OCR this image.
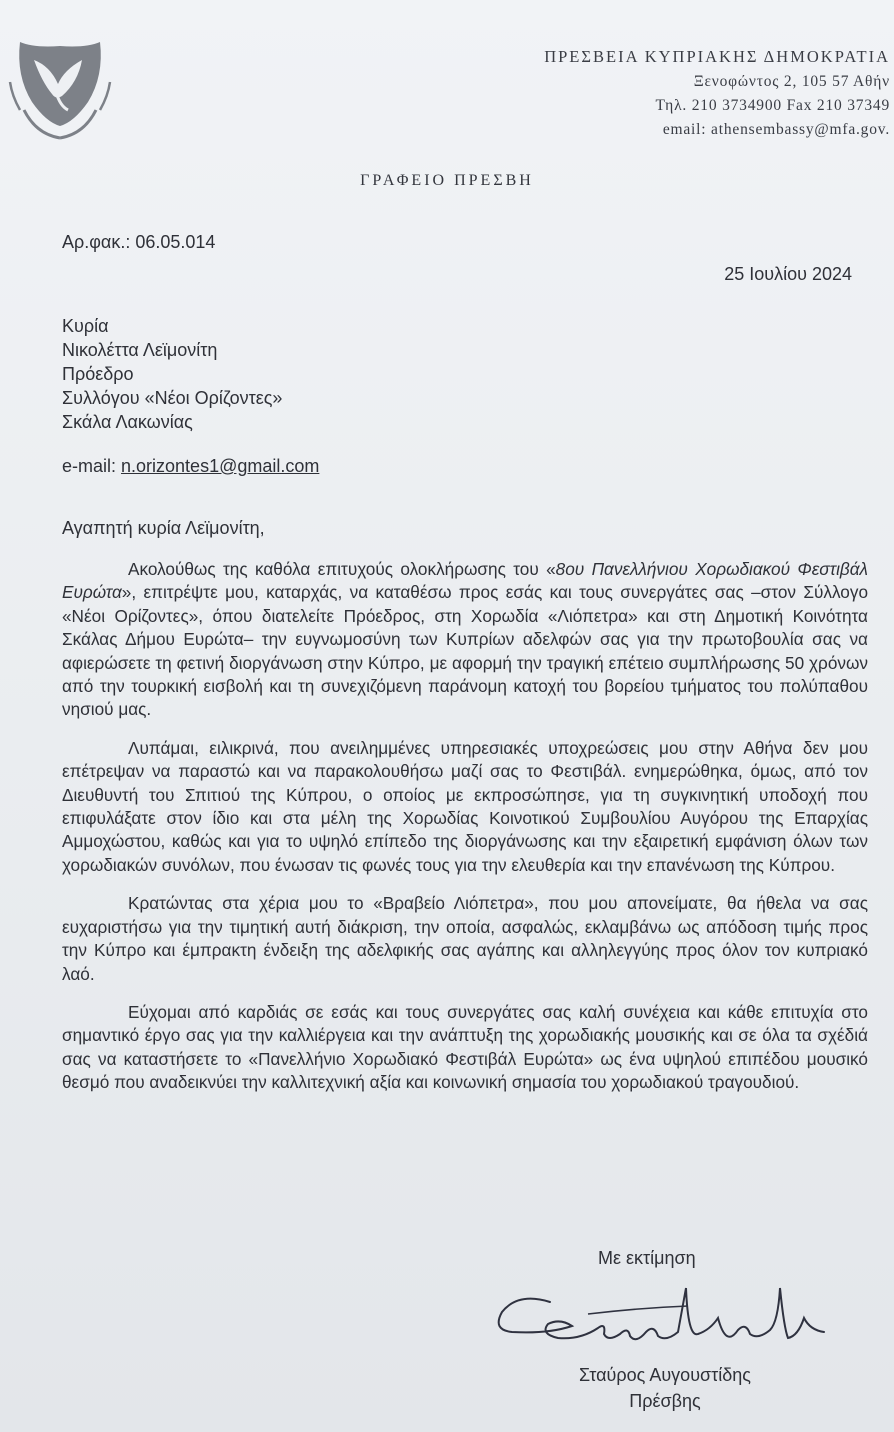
ΠΡΕΣΒΕΙΑ ΚΥΠΡΙΑΚΗΣ ΔΗΜΟΚΡΑΤΙΑ
Ξενοφώντος 2, 105 57 Αθήν
Τηλ. 210 3734900 Fax 210 37349
email: athensembassy@mfa.gov.
ΓΡΑΦΕΙΟ ΠΡΕΣΒΗ
Αρ.φακ.: 06.05.014
25 Ιουλίου 2024
Κυρία
Νικολέττα Λεϊμονίτη
Πρόεδρο
Συλλόγου «Νέοι Ορίζοντες»
Σκάλα Λακωνίας
e-mail: n.orizontes1@gmail.com
Αγαπητή κυρία Λεϊμονίτη,

Ακολούθως της καθόλα επιτυχούς ολοκλήρωσης του «8ου Πανελλήνιου Χορωδιακού Φεστιβάλ Ευρώτα», επιτρέψτε μου, καταρχάς, να καταθέσω προς εσάς και τους συνεργάτες σας –στον Σύλλογο «Νέοι Ορίζοντες», όπου διατελείτε Πρόεδρος, στη Χορωδία «Λιόπετρα» και στη Δημοτική Κοινότητα Σκάλας Δήμου Ευρώτα– την ευγνωμοσύνη των Κυπρίων αδελφών σας για την πρωτοβουλία σας να αφιερώσετε τη φετινή διοργάνωση στην Κύπρο, με αφορμή την τραγική επέτειο συμπλήρωσης 50 χρόνων από την τουρκική εισβολή και τη συνεχιζόμενη παράνομη κατοχή του βορείου τμήματος του πολύπαθου νησιού μας.

Λυπάμαι, ειλικρινά, που ανειλημμένες υπηρεσιακές υποχρεώσεις μου στην Αθήνα δεν μου επέτρεψαν να παραστώ και να παρακολουθήσω μαζί σας το Φεστιβάλ. ενημερώθηκα, όμως, από τον Διευθυντή του Σπιτιού της Κύπρου, ο οποίος με εκπροσώπησε, για τη συγκινητική υποδοχή που επιφυλάξατε στον ίδιο και στα μέλη της Χορωδίας Κοινοτικού Συμβουλίου Αυγόρου της Επαρχίας Αμμοχώστου, καθώς και για το υψηλό επίπεδο της διοργάνωσης και την εξαιρετική εμφάνιση όλων των χορωδιακών συνόλων, που ένωσαν τις φωνές τους για την ελευθερία και την επανένωση της Κύπρου.

Κρατώντας στα χέρια μου το «Βραβείο Λιόπετρα», που μου απονείματε, θα ήθελα να σας ευχαριστήσω για την τιμητική αυτή διάκριση, την οποία, ασφαλώς, εκλαμβάνω ως απόδοση τιμής προς την Κύπρο και έμπρακτη ένδειξη της αδελφικής σας αγάπης και αλληλεγγύης προς όλον τον κυπριακό λαό.

Εύχομαι από καρδιάς σε εσάς και τους συνεργάτες σας καλή συνέχεια και κάθε επιτυχία στο σημαντικό έργο σας για την καλλιέργεια και την ανάπτυξη της χορωδιακής μουσικής και σε όλα τα σχέδιά σας να καταστήσετε το «Πανελλήνιο Χορωδιακό Φεστιβάλ Ευρώτα» ως ένα υψηλού επιπέδου μουσικό θεσμό που αναδεικνύει την καλλιτεχνική αξία και κοινωνική σημασία του χορωδιακού τραγουδιού.

Με εκτίμηση
Σταύρος Αυγουστίδης
Πρέσβης
